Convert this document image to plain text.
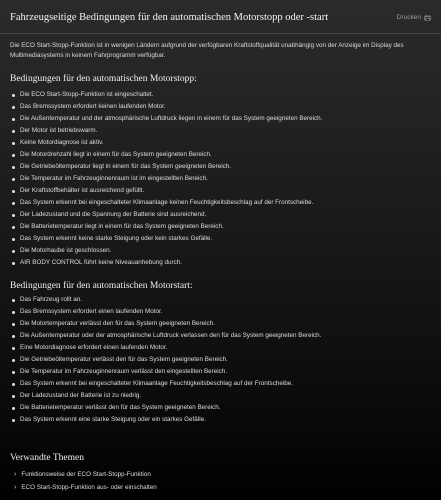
Fahrzeugseitige Bedingungen für den automatischen Motorstopp oder -start	Drucken
Die ECO Start-Stopp-Funktion ist in wenigen Ländern aufgrund der verfügbaren Kraftstoffqualität unabhängig von der Anzeige im Display des Multimediasystems in keinem Fahrprogramm verfügbar.
Bedingungen für den automatischen Motorstopp:
Die ECO Start-Stopp-Funktion ist eingeschaltet.
Das Bremssystem erfordert keinen laufenden Motor.
Die Außentemperatur und der atmosphärische Luftdruck liegen in einem für das System geeigneten Bereich.
Der Motor ist betriebswarm.
Keine Motordiagnose ist aktiv.
Die Motordrehzahl liegt in einem für das System geeigneten Bereich.
Die Getriebeöltemperatur liegt in einem für das System geeigneten Bereich.
Die Temperatur im Fahrzeuginnenraum ist im eingestellten Bereich.
Der Kraftstoffbehälter ist ausreichend gefüllt.
Das System erkennt bei eingeschalteter Klimaanlage keinen Feuchtigkeitsbeschlag auf der Frontscheibe.
Der Ladezustand und die Spannung der Batterie sind ausreichend.
Die Batterietemperatur liegt in einem für das System geeigneten Bereich.
Das System erkennt keine starke Steigung oder kein starkes Gefälle.
Die Motorhaube ist geschlossen.
AIR BODY CONTROL führt keine Niveauanhebung durch.
Bedingungen für den automatischen Motorstart:
Das Fahrzeug rollt an.
Das Bremssystem erfordert einen laufenden Motor.
Die Motortemperatur verlässt den für das System geeigneten Bereich.
Die Außentemperatur oder der atmosphärische Luftdruck verlassen den für das System geeigneten Bereich.
Eine Motordiagnose erfordert einen laufenden Motor.
Die Getriebeöltemperatur verlässt den für das System geeigneten Bereich.
Die Temperatur im Fahrzeuginnenraum verlässt den eingestellten Bereich.
Das System erkennt bei eingeschalteter Klimaanlage Feuchtigkeitsbeschlag auf der Frontscheibe.
Der Ladezustand der Batterie ist zu niedrig.
Die Batterietemperatur verlässt den für das System geeigneten Bereich.
Das System erkennt eine starke Steigung oder ein starkes Gefälle.
Verwandte Themen
› Funktionsweise der ECO Start-Stopp-Funktion
› ECO Start-Stopp-Funktion aus- oder einschalten
